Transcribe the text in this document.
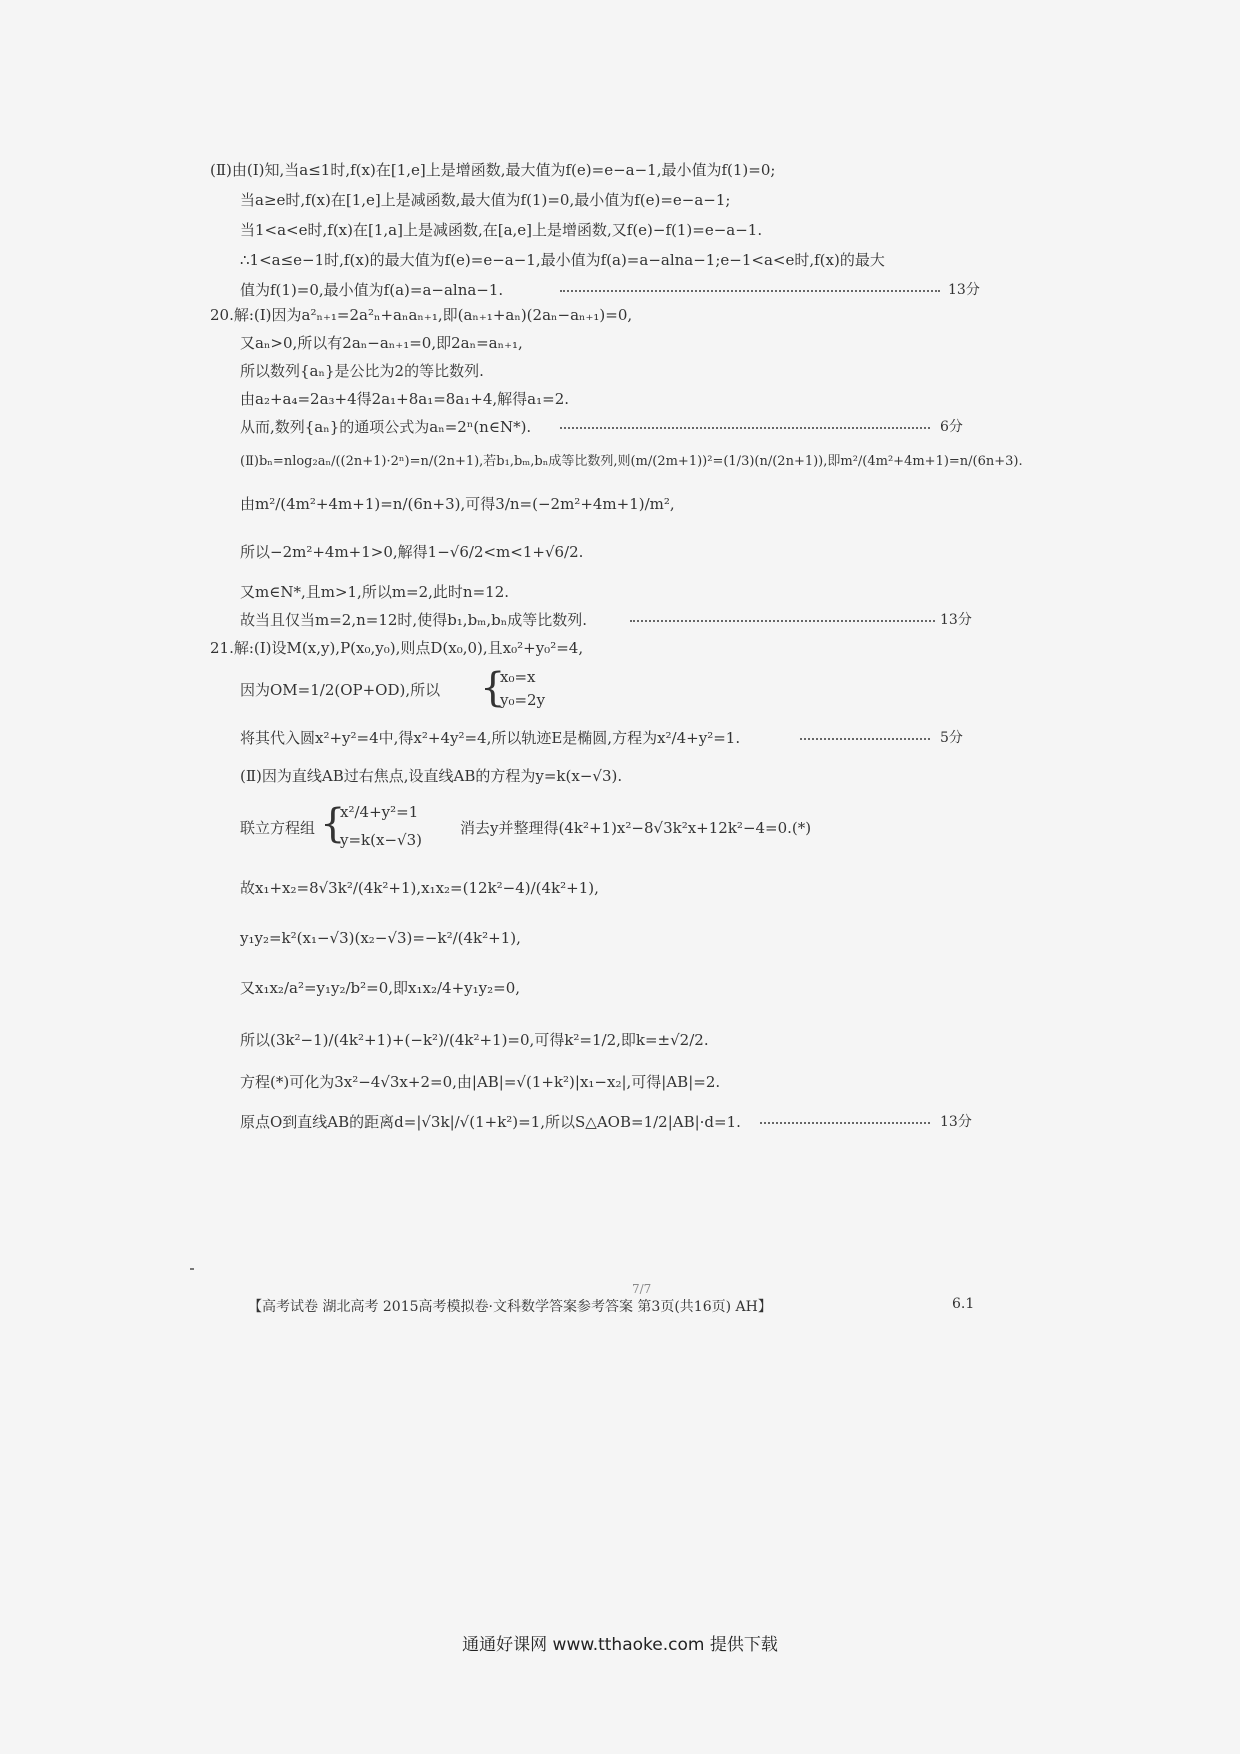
(Ⅱ)由(Ⅰ)知,当a≤1时,f(x)在[1,e]上是增函数,最大值为f(e)=e−a−1,最小值为f(1)=0;

当a≥e时,f(x)在[1,e]上是减函数,最大值为f(1)=0,最小值为f(e)=e−a−1;

当1<a<e时,f(x)在[1,a]上是减函数,在[a,e]上是增函数,又f(e)−f(1)=e−a−1.

∴1<a≤e−1时,f(x)的最大值为f(e)=e−a−1,最小值为f(a)=a−alna−1;e−1<a<e时,f(x)的最大

值为f(1)=0,最小值为f(a)=a−alna−1.	13分

20.解:(Ⅰ)因为a²ₙ₊₁=2a²ₙ+aₙaₙ₊₁,即(aₙ₊₁+aₙ)(2aₙ−aₙ₊₁)=0,

又aₙ>0,所以有2aₙ−aₙ₊₁=0,即2aₙ=aₙ₊₁,

所以数列{aₙ}是公比为2的等比数列.

由a₂+a₄=2a₃+4得2a₁+8a₁=8a₁+4,解得a₁=2.

从而,数列{aₙ}的通项公式为aₙ=2ⁿ(n∈N*).	6分

(Ⅱ)bₙ=nlog₂aₙ/((2n+1)·2ⁿ)=n/(2n+1),若b₁,bₘ,bₙ成等比数列,则(m/(2m+1))²=(1/3)(n/(2n+1)),即m²/(4m²+4m+1)=n/(6n+3).

由m²/(4m²+4m+1)=n/(6n+3),可得3/n=(−2m²+4m+1)/m²,

所以−2m²+4m+1>0,解得1−√6/2<m<1+√6/2.

又m∈N*,且m>1,所以m=2,此时n=12.

故当且仅当m=2,n=12时,使得b₁,bₘ,bₙ成等比数列.	13分

21.解:(Ⅰ)设M(x,y),P(x₀,y₀),则点D(x₀,0),且x₀²+y₀²=4,

因为OM=1/2(OP+OD),所以 {

x₀=x

y₀=2y

将其代入圆x²+y²=4中,得x²+4y²=4,所以轨迹E是椭圆,方程为x²/4+y²=1.	5分

(Ⅱ)因为直线AB过右焦点,设直线AB的方程为y=k(x−√3).

联立方程组 {

x²/4+y²=1

y=k(x−√3)

消去y并整理得(4k²+1)x²−8√3k²x+12k²−4=0.(*)

故x₁+x₂=8√3k²/(4k²+1),x₁x₂=(12k²−4)/(4k²+1),

y₁y₂=k²(x₁−√3)(x₂−√3)=−k²/(4k²+1),

又x₁x₂/a²=y₁y₂/b²=0,即x₁x₂/4+y₁y₂=0,

所以(3k²−1)/(4k²+1)+(−k²)/(4k²+1)=0,可得k²=1/2,即k=±√2/2.

方程(*)可化为3x²−4√3x+2=0,由|AB|=√(1+k²)|x₁−x₂|,可得|AB|=2.

原点O到直线AB的距离d=|√3k|/√(1+k²)=1,所以S△AOB=1/2|AB|·d=1.	13分

7/7

【高考试卷 湖北高考 2015高考模拟卷·文科数学答案参考答案 第3页(共16页) AH】	6.1

通通好课网 www.tthaoke.com 提供下载
